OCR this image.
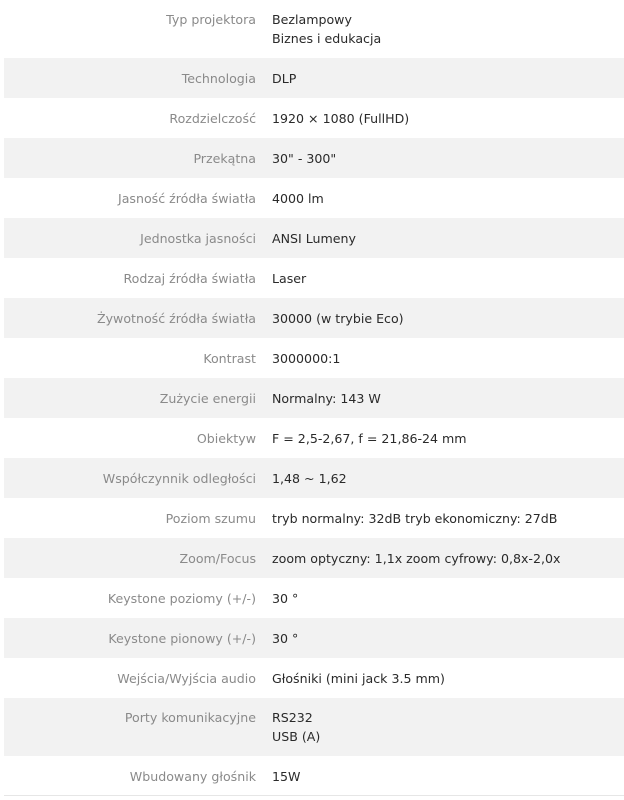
Typ projektora Bezlampowy
Biznes i edukacja
Technologia DLP
Rozdzielczość 1920 × 1080 (FullHD)
Przekątna 30" - 300"
Jasność źródła światła 4000 lm
Jednostka jasności ANSI Lumeny
Rodzaj źródła światła Laser
Żywotność źródła światła 30000 (w trybie Eco)
Kontrast 3000000:1
Zużycie energii Normalny: 143 W
Obiektyw F = 2,5-2,67, f = 21,86-24 mm
Współczynnik odległości 1,48 ~ 1,62
Poziom szumu tryb normalny: 32dB tryb ekonomiczny: 27dB
Zoom/Focus zoom optyczny: 1,1x zoom cyfrowy: 0,8x-2,0x
Keystone poziomy (+/-) 30 °
Keystone pionowy (+/-) 30 °
Wejścia/Wyjścia audio Głośniki (mini jack 3.5 mm)
Porty komunikacyjne RS232
USB (A)
Wbudowany głośnik 15W
